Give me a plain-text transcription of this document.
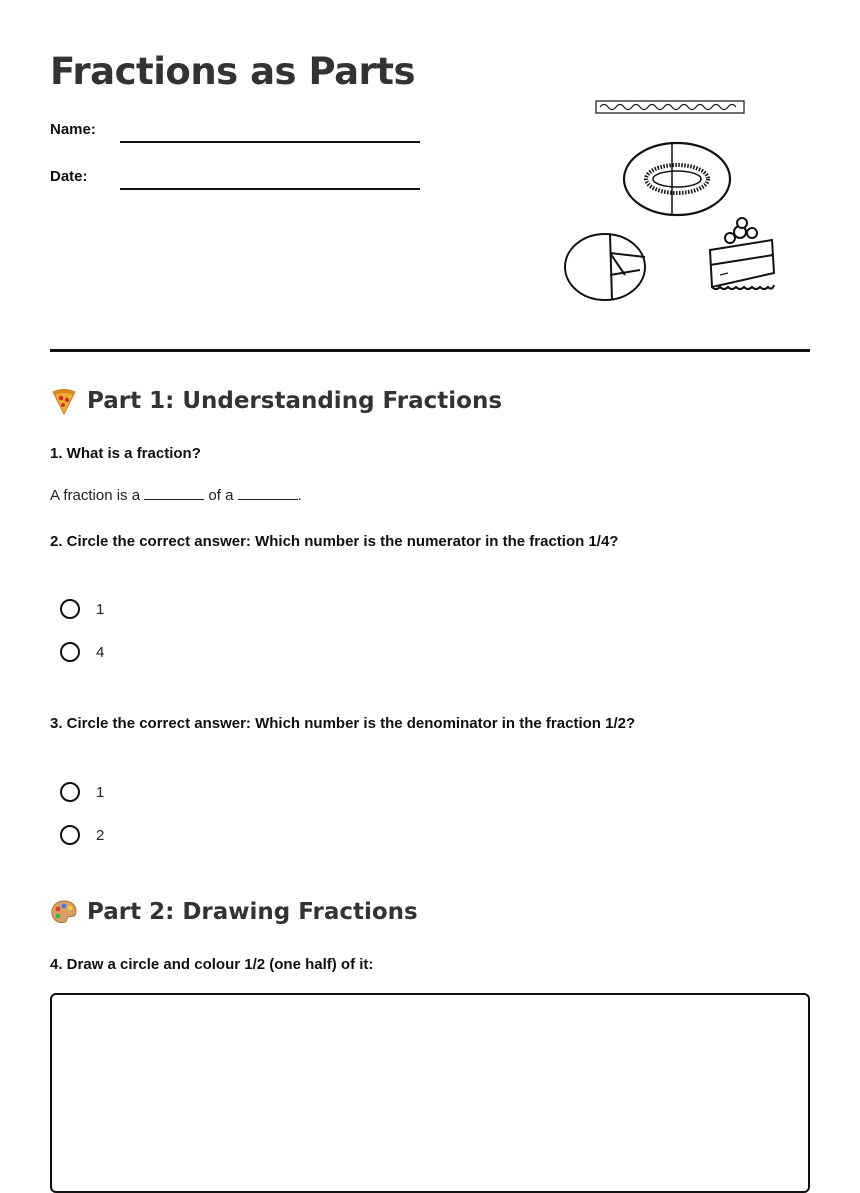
Fractions as Parts
Name:
Date:
Part 1: Understanding Fractions
1. What is a fraction?
A fraction is a	of a	.
2. Circle the correct answer: Which number is the numerator in the fraction 1/4?
1
4
3. Circle the correct answer: Which number is the denominator in the fraction 1/2?
1
2
Part 2: Drawing Fractions
4. Draw a circle and colour 1/2 (one half) of it:
